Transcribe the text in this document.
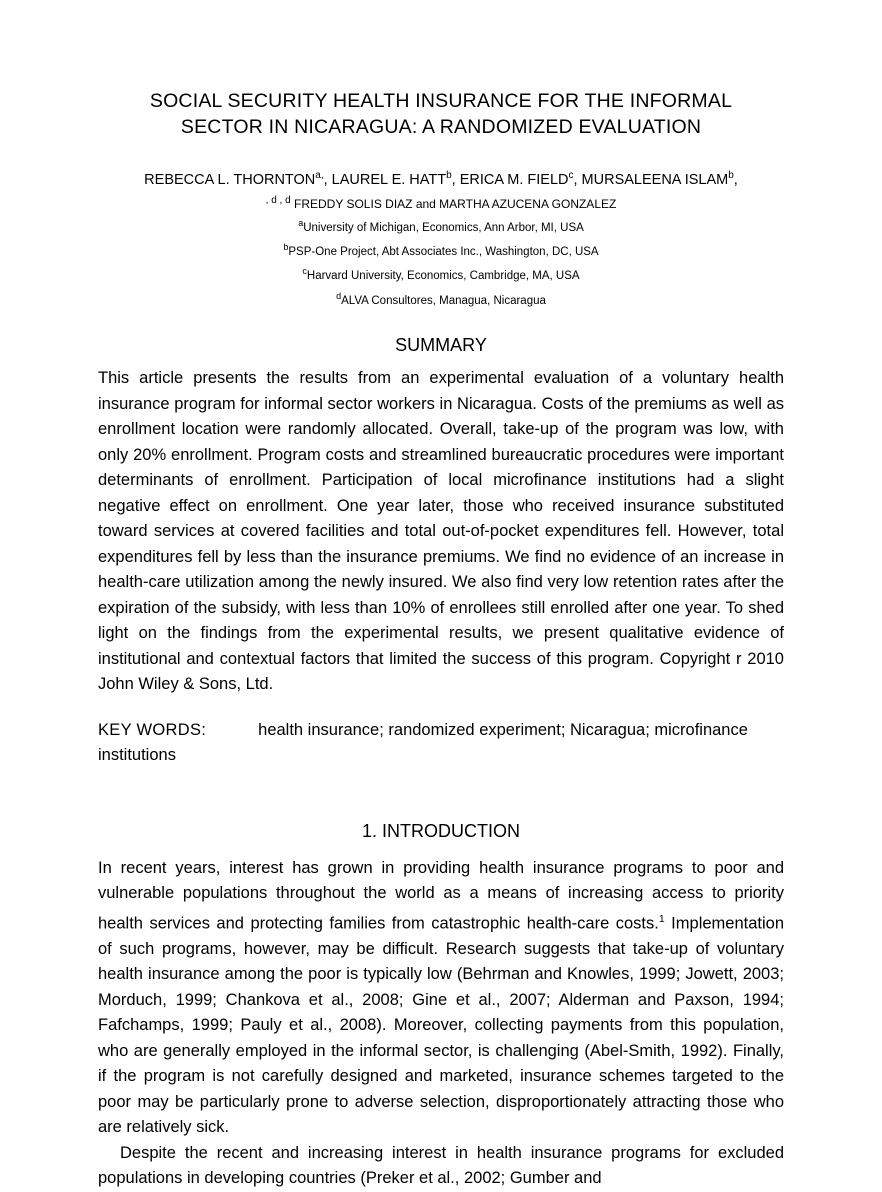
SOCIAL SECURITY HEALTH INSURANCE FOR THE INFORMAL SECTOR IN NICARAGUA: A RANDOMIZED EVALUATION
REBECCA L. $THORNTON^{a,}$, LAUREL E. HATT$^b$, ERICA M. FIELD$^c$, MURSALEENA ISLAM$^b$,
$^{, d , d}$ FREDDY SOLIS DIAZ and MARTHA AZUCENA GONZALEZ
$^a$University of Michigan, Economics, Ann Arbor, MI, USA
$^b$PSP-One Project, Abt Associates Inc., Washington, DC, USA
$^c$Harvard University, Economics, Cambridge, MA, USA
$^d$ALVA Consultores, Managua, Nicaragua
SUMMARY

This article presents the results from an experimental evaluation of a voluntary health insurance program for informal sector workers in Nicaragua. Costs of the premiums as well as enrollment location were randomly allocated. Overall, take-up of the program was low, with only 20% enrollment. Program costs and streamlined bureaucratic procedures were important determinants of enrollment. Participation of local microfinance institutions had a slight negative effect on enrollment. One year later, those who received insurance substituted toward services at covered facilities and total out-of-pocket expenditures fell. However, total expenditures fell by less than the insurance premiums. We find no evidence of an increase in health-care utilization among the newly insured. We also find very low retention rates after the expiration of the subsidy, with less than 10% of enrollees still enrolled after one year. To shed light on the findings from the experimental results, we present qualitative evidence of institutional and contextual factors that limited the success of this program. Copyright r 2010 John Wiley & Sons, Ltd.

KEY WORDS:	health insurance; randomized experiment; Nicaragua; microfinance institutions
1. INTRODUCTION

In recent years, interest has grown in providing health insurance programs to poor and vulnerable populations throughout the world as a means of increasing access to priority health services and protecting families from catastrophic health-care costs.$^1$ Implementation of such programs, however, may be difficult. Research suggests that take-up of voluntary health insurance among the poor is typically low (Behrman and Knowles, 1999; Jowett, 2003; Morduch, 1999; Chankova et al., 2008; Gine et al., 2007; Alderman and Paxson, 1994; Fafchamps, 1999; Pauly et al., 2008). Moreover, collecting payments from this population, who are generally employed in the informal sector, is challenging (Abel-Smith, 1992). Finally, if the program is not carefully designed and marketed, insurance schemes targeted to the poor may be particularly prone to adverse selection, disproportionately attracting those who are relatively sick.

Despite the recent and increasing interest in health insurance programs for excluded populations in developing countries (Preker et al., 2002; Gumber and
